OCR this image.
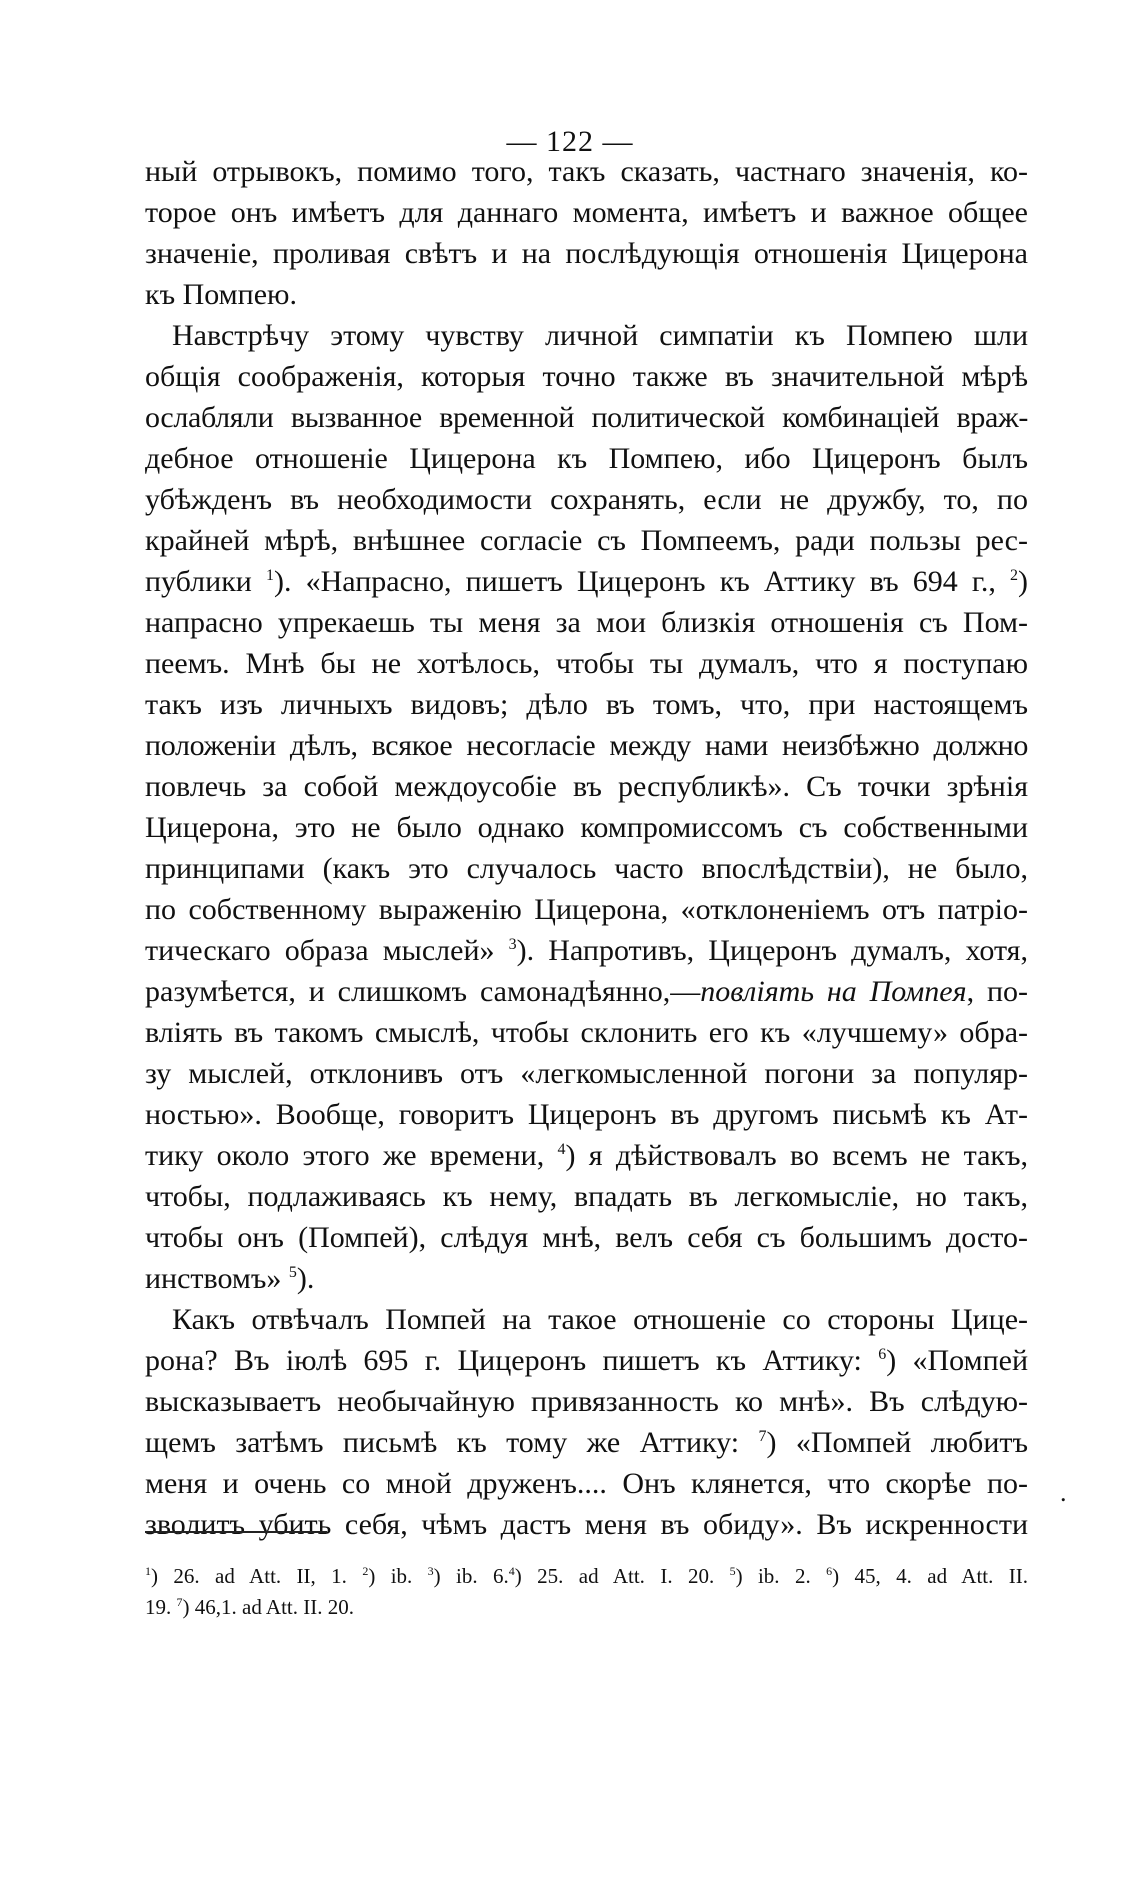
— 122 —
ный отрывокъ, помимо того, такъ сказать, частнаго значенія, ко-
торое онъ имѣетъ для даннаго момента, имѣетъ и важное общее
значеніе, проливая свѣтъ и на послѣдующія отношенія Цицерона
къ Помпею.
Навстрѣчу этому чувству личной симпатіи къ Помпею шли
общія соображенія, которыя точно также въ значительной мѣрѣ
ослабляли вызванное временной политической комбинаціей враж-
дебное отношеніе Цицерона къ Помпею, ибо Цицеронъ былъ
убѣжденъ въ необходимости сохранять, если не дружбу, то, по
крайней мѣрѣ, внѣшнее согласіе съ Помпеемъ, ради пользы рес-
публики $^1$). «Напрасно, пишетъ Цицеронъ къ Аттику въ 694 г., $^2$)
напрасно упрекаешь ты меня за мои близкія отношенія съ Пом-
пеемъ. Мнѣ бы не хотѣлось, чтобы ты думалъ, что я поступаю
такъ изъ личныхъ видовъ; дѣло въ томъ, что, при настоящемъ
положеніи дѣлъ, всякое несогласіе между нами неизбѣжно должно
повлечь за собой междоусобіе въ республикѣ». Съ точки зрѣнія
Цицерона, это не было однако компромиссомъ съ собственными
принципами (какъ это случалось часто впослѣдствіи), не было,
по собственному выраженію Цицерона, «отклоненіемъ отъ патріо-
тическаго образа мыслей» $^3$). Напротивъ, Цицеронъ думалъ, хотя,
разумѣется, и слишкомъ самонадѣянно,—повліять на Помпея, по-
вліять въ такомъ смыслѣ, чтобы склонить его къ «лучшему» обра-
зу мыслей, отклонивъ отъ «легкомысленной погони за популяр-
ностью». Вообще, говоритъ Цицеронъ въ другомъ письмѣ къ Ат-
тику около этого же времени, $^4$) я дѣйствовалъ во всемъ не такъ,
чтобы, подлаживаясь къ нему, впадать въ легкомысліе, но такъ,
чтобы онъ (Помпей), слѣдуя мнѣ, велъ себя съ большимъ досто-
инствомъ» $^5$).
Какъ отвѣчалъ Помпей на такое отношеніе со стороны Цице-
рона? Въ іюлѣ 695 г. Цицеронъ пишетъ къ Аттику: $^6$) «Помпей
высказываетъ необычайную привязанность ко мнѣ». Въ слѣдую-
щемъ затѣмъ письмѣ къ тому же Аттику: $^7$) «Помпей любитъ
меня и очень со мной друженъ.... Онъ клянется, что скорѣе по-
зволитъ убить себя, чѣмъ дастъ меня въ обиду». Въ искренности
.
$^1$) 26. ad Att. II, 1. $^2$) ib. $^3$) ib. 6.$^4$) 25. ad Att. I. 20. $^5$) ib. 2. $^6$) 45, 4. ad Att. II.
19. $^7$) 46,1. ad Att. II. 20.
